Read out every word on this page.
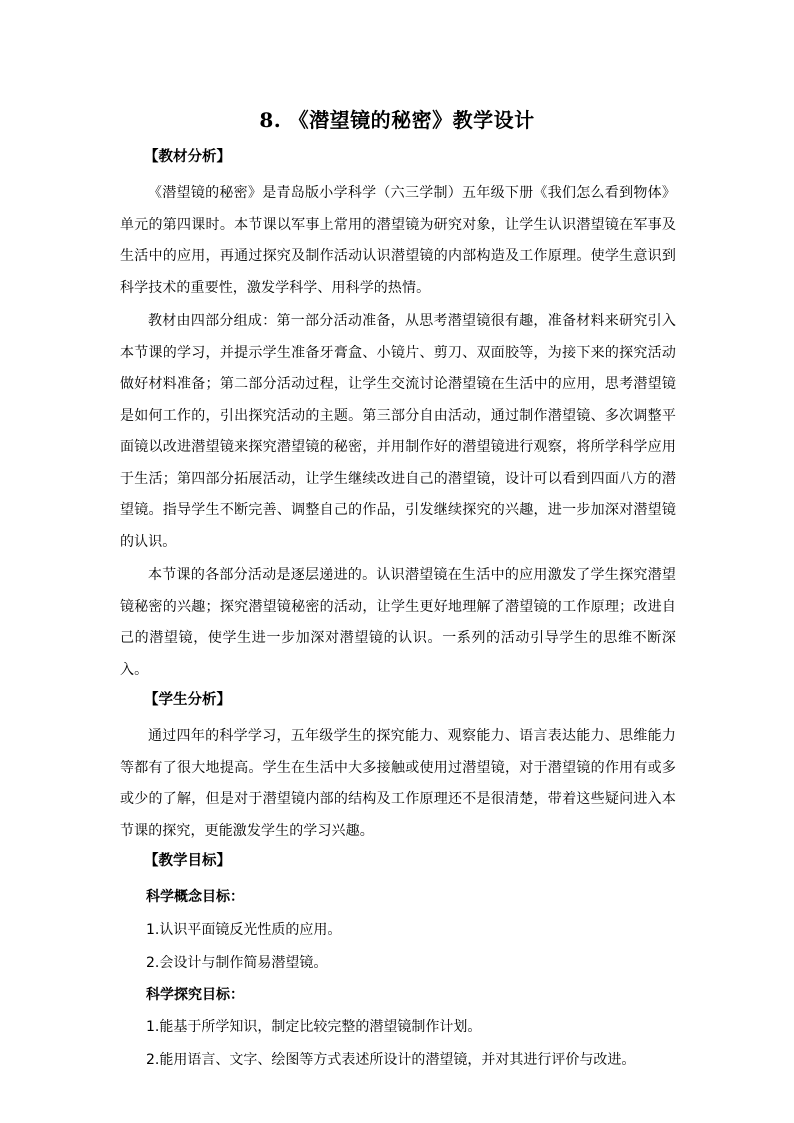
8. 《潜望镜的秘密》教学设计
【教材分析】

《潜望镜的秘密》是青岛版小学科学（六三学制）五年级下册《我们怎么看到物体》单元的第四课时。本节课以军事上常用的潜望镜为研究对象，让学生认识潜望镜在军事及生活中的应用，再通过探究及制作活动认识潜望镜的内部构造及工作原理。使学生意识到科学技术的重要性，激发学科学、用科学的热情。

教材由四部分组成：第一部分活动准备，从思考潜望镜很有趣，准备材料来研究引入本节课的学习，并提示学生准备牙膏盒、小镜片、剪刀、双面胶等，为接下来的探究活动做好材料准备；第二部分活动过程，让学生交流讨论潜望镜在生活中的应用，思考潜望镜是如何工作的，引出探究活动的主题。第三部分自由活动，通过制作潜望镜、多次调整平面镜以改进潜望镜来探究潜望镜的秘密，并用制作好的潜望镜进行观察，将所学科学应用于生活；第四部分拓展活动，让学生继续改进自己的潜望镜，设计可以看到四面八方的潜望镜。指导学生不断完善、调整自己的作品，引发继续探究的兴趣，进一步加深对潜望镜的认识。

本节课的各部分活动是逐层递进的。认识潜望镜在生活中的应用激发了学生探究潜望镜秘密的兴趣；探究潜望镜秘密的活动，让学生更好地理解了潜望镜的工作原理；改进自己的潜望镜，使学生进一步加深对潜望镜的认识。一系列的活动引导学生的思维不断深入。

【学生分析】

通过四年的科学学习，五年级学生的探究能力、观察能力、语言表达能力、思维能力等都有了很大地提高。学生在生活中大多接触或使用过潜望镜，对于潜望镜的作用有或多或少的了解，但是对于潜望镜内部的结构及工作原理还不是很清楚，带着这些疑问进入本节课的探究，更能激发学生的学习兴趣。

【教学目标】
科学概念目标：
1.认识平面镜反光性质的应用。
2.会设计与制作简易潜望镜。
科学探究目标：
1.能基于所学知识，制定比较完整的潜望镜制作计划。
2.能用语言、文字、绘图等方式表述所设计的潜望镜，并对其进行评价与改进。
